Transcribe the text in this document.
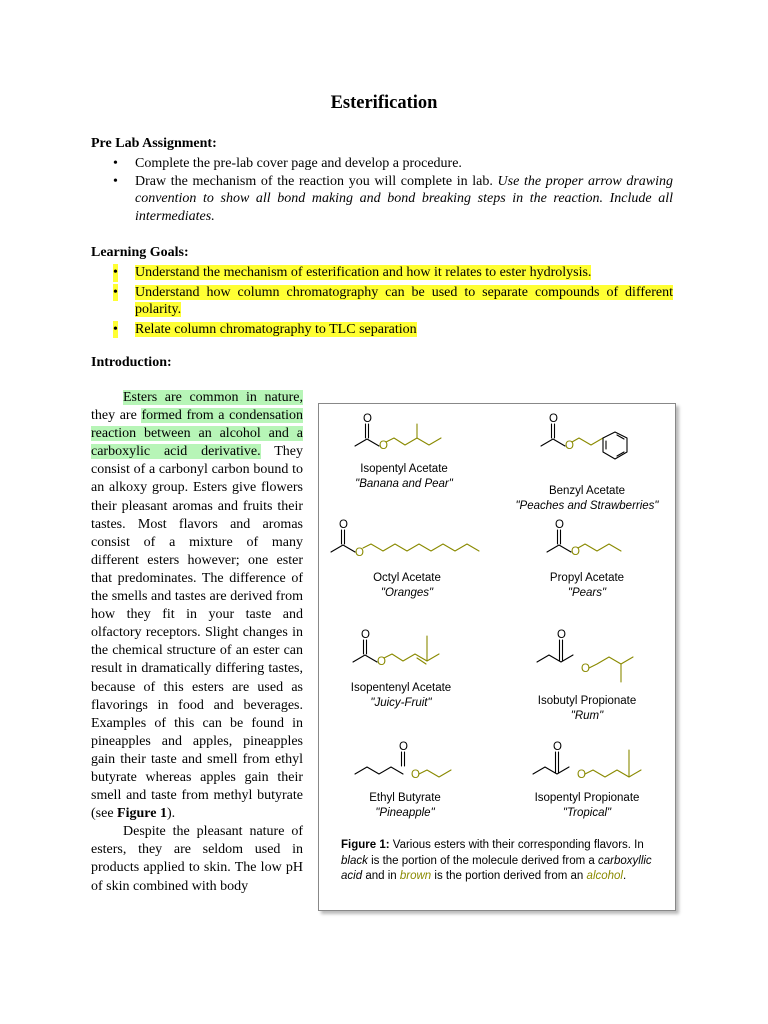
Esterification
Pre Lab Assignment:
• Complete the pre-lab cover page and develop a procedure.
• Draw the mechanism of the reaction you will complete in lab. Use the proper arrow drawing convention to show all bond making and bond breaking steps in the reaction. Include all intermediates.
Learning Goals:
• Understand the mechanism of esterification and how it relates to ester hydrolysis.
• Understand how column chromatography can be used to separate compounds of different polarity.
• Relate column chromatography to TLC separation
Introduction:

Esters are common in nature, they are formed from a condensation reaction between an alcohol and a carboxylic acid derivative. They consist of a carbonyl carbon bound to an alkoxy group. Esters give flowers their pleasant aromas and fruits their tastes. Most flavors and aromas consist of a mixture of many different esters however; one ester that predominates. The difference of the smells and tastes are derived from how they fit in your taste and olfactory receptors. Slight changes in the chemical structure of an ester can result in dramatically differing tastes, because of this esters are used as flavorings in food and beverages. Examples of this can be found in pineapples and apples, pineapples gain their taste and smell from ethyl butyrate whereas apples gain their smell and taste from methyl butyrate (see Figure 1).

Despite the pleasant nature of esters, they are seldom used in products applied to skin. The low pH of skin combined with body

O
O
O
O
O
O
O
O
O
O
O
O
O
O
O
O
Isopentyl Acetate
"Banana and Pear"
Benzyl Acetate
"Peaches and Strawberries"
Octyl Acetate
"Oranges"
Propyl Acetate
"Pears"
Isopentenyl Acetate
"Juicy-Fruit"	Isobutyl Propionate
"Rum"
Ethyl Butyrate
"Pineapple"
Isopentyl Propionate
"Tropical"
Figure 1: Various esters with their corresponding flavors. In black is the portion of the molecule derived from a carboxyllic acid and in brown is the portion derived from an alcohol.
